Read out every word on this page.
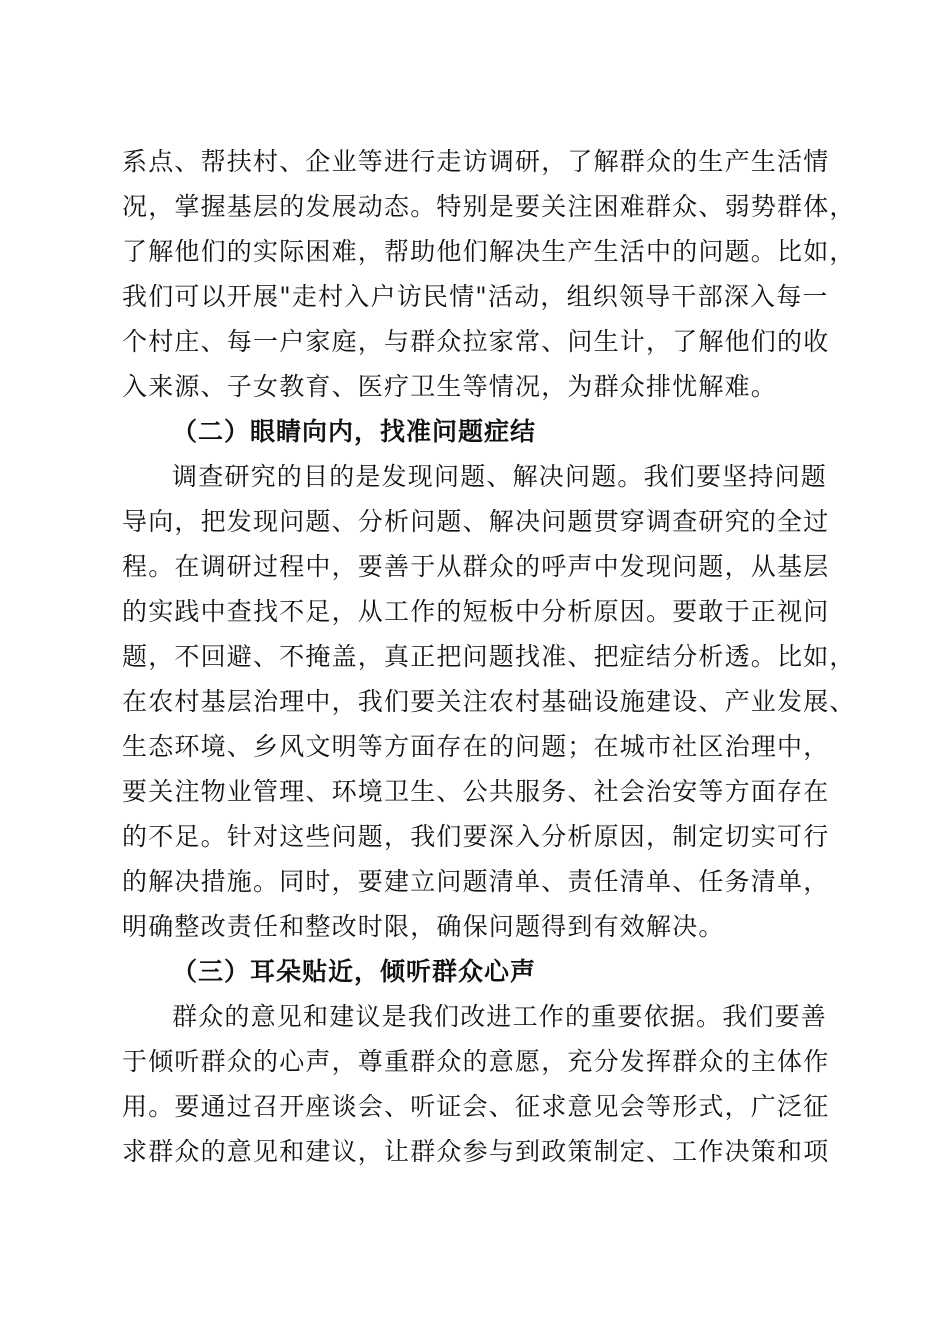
系点、帮扶村、企业等进行走访调研，了解群众的生产生活情
况，掌握基层的发展动态。特别是要关注困难群众、弱势群体，
了解他们的实际困难，帮助他们解决生产生活中的问题。比如，
我们可以开展"走村入户访民情"活动，组织领导干部深入每一
个村庄、每一户家庭，与群众拉家常、问生计，了解他们的收
入来源、子女教育、医疗卫生等情况，为群众排忧解难。
（二）眼睛向内，找准问题症结
调查研究的目的是发现问题、解决问题。我们要坚持问题
导向，把发现问题、分析问题、解决问题贯穿调查研究的全过
程。在调研过程中，要善于从群众的呼声中发现问题，从基层
的实践中查找不足，从工作的短板中分析原因。要敢于正视问
题，不回避、不掩盖，真正把问题找准、把症结分析透。比如，
在农村基层治理中，我们要关注农村基础设施建设、产业发展、
生态环境、乡风文明等方面存在的问题；在城市社区治理中，
要关注物业管理、环境卫生、公共服务、社会治安等方面存在
的不足。针对这些问题，我们要深入分析原因，制定切实可行
的解决措施。同时，要建立问题清单、责任清单、任务清单，
明确整改责任和整改时限，确保问题得到有效解决。
（三）耳朵贴近，倾听群众心声
群众的意见和建议是我们改进工作的重要依据。我们要善
于倾听群众的心声，尊重群众的意愿，充分发挥群众的主体作
用。要通过召开座谈会、听证会、征求意见会等形式，广泛征
求群众的意见和建议，让群众参与到政策制定、工作决策和项
